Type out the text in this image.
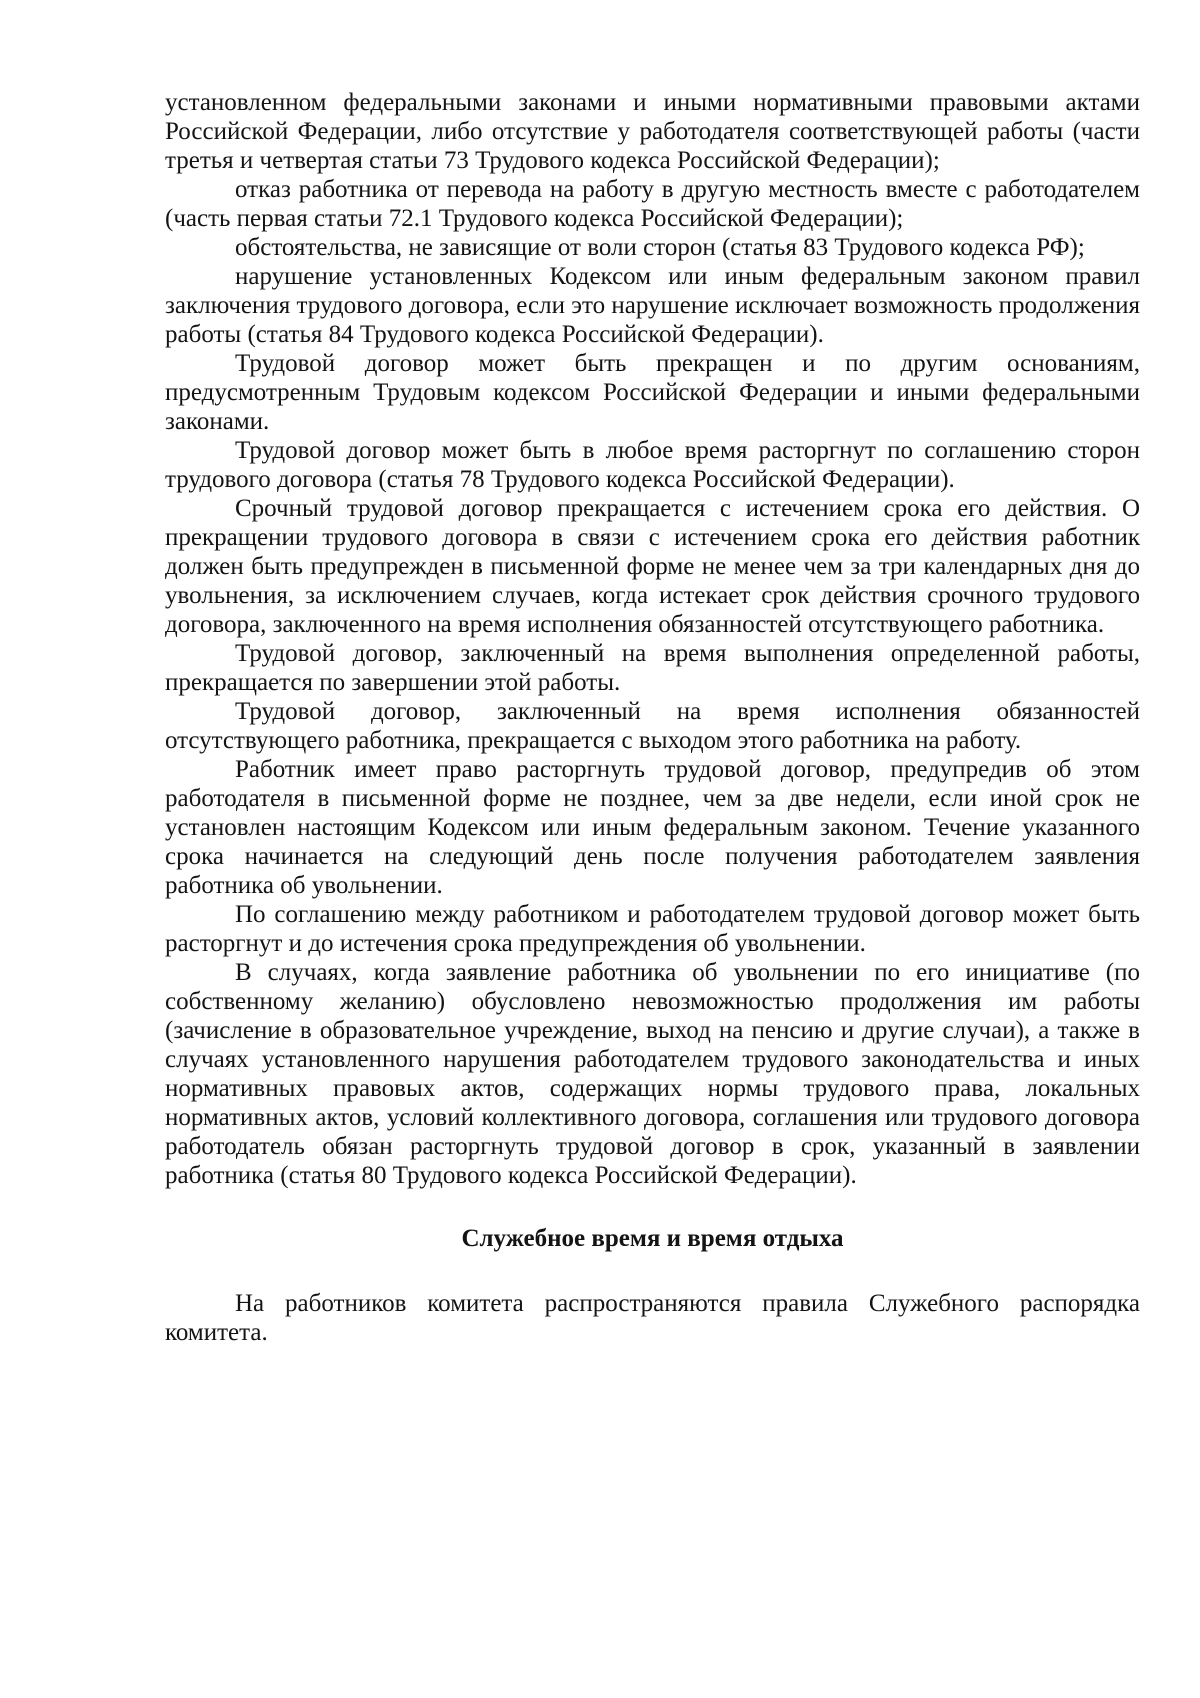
установленном федеральными законами и иными нормативными правовыми актами Российской Федерации, либо отсутствие у работодателя соответствующей работы (части третья и четвертая статьи 73 Трудового кодекса Российской Федерации);

отказ работника от перевода на работу в другую местность вместе с работодателем (часть первая статьи 72.1 Трудового кодекса Российской Федерации);

обстоятельства, не зависящие от воли сторон (статья 83 Трудового кодекса РФ);

нарушение установленных Кодексом или иным федеральным законом правил заключения трудового договора, если это нарушение исключает возможность продолжения работы (статья 84 Трудового кодекса Российской Федерации).

Трудовой договор может быть прекращен и по другим основаниям, предусмотренным Трудовым кодексом Российской Федерации и иными федеральными законами.

Трудовой договор может быть в любое время расторгнут по соглашению сторон трудового договора (статья 78 Трудового кодекса Российской Федерации).

Срочный трудовой договор прекращается с истечением срока его действия. О прекращении трудового договора в связи с истечением срока его действия работник должен быть предупрежден в письменной форме не менее чем за три календарных дня до увольнения, за исключением случаев, когда истекает срок действия срочного трудового договора, заключенного на время исполнения обязанностей отсутствующего работника.

Трудовой договор, заключенный на время выполнения определенной работы, прекращается по завершении этой работы.

Трудовой договор, заключенный на время исполнения обязанностей отсутствующего работника, прекращается с выходом этого работника на работу.

Работник имеет право расторгнуть трудовой договор, предупредив об этом работодателя в письменной форме не позднее, чем за две недели, если иной срок не установлен настоящим Кодексом или иным федеральным законом. Течение указанного срока начинается на следующий день после получения работодателем заявления работника об увольнении.

По соглашению между работником и работодателем трудовой договор может быть расторгнут и до истечения срока предупреждения об увольнении.

В случаях, когда заявление работника об увольнении по его инициативе (по собственному желанию) обусловлено невозможностью продолжения им работы (зачисление в образовательное учреждение, выход на пенсию и другие случаи), а также в случаях установленного нарушения работодателем трудового законодательства и иных нормативных правовых актов, содержащих нормы трудового права, локальных нормативных актов, условий коллективного договора, соглашения или трудового договора работодатель обязан расторгнуть трудовой договор в срок, указанный в заявлении работника (статья 80 Трудового кодекса Российской Федерации).

Служебное время и время отдыха

На работников комитета распространяются правила Служебного распорядка комитета.
